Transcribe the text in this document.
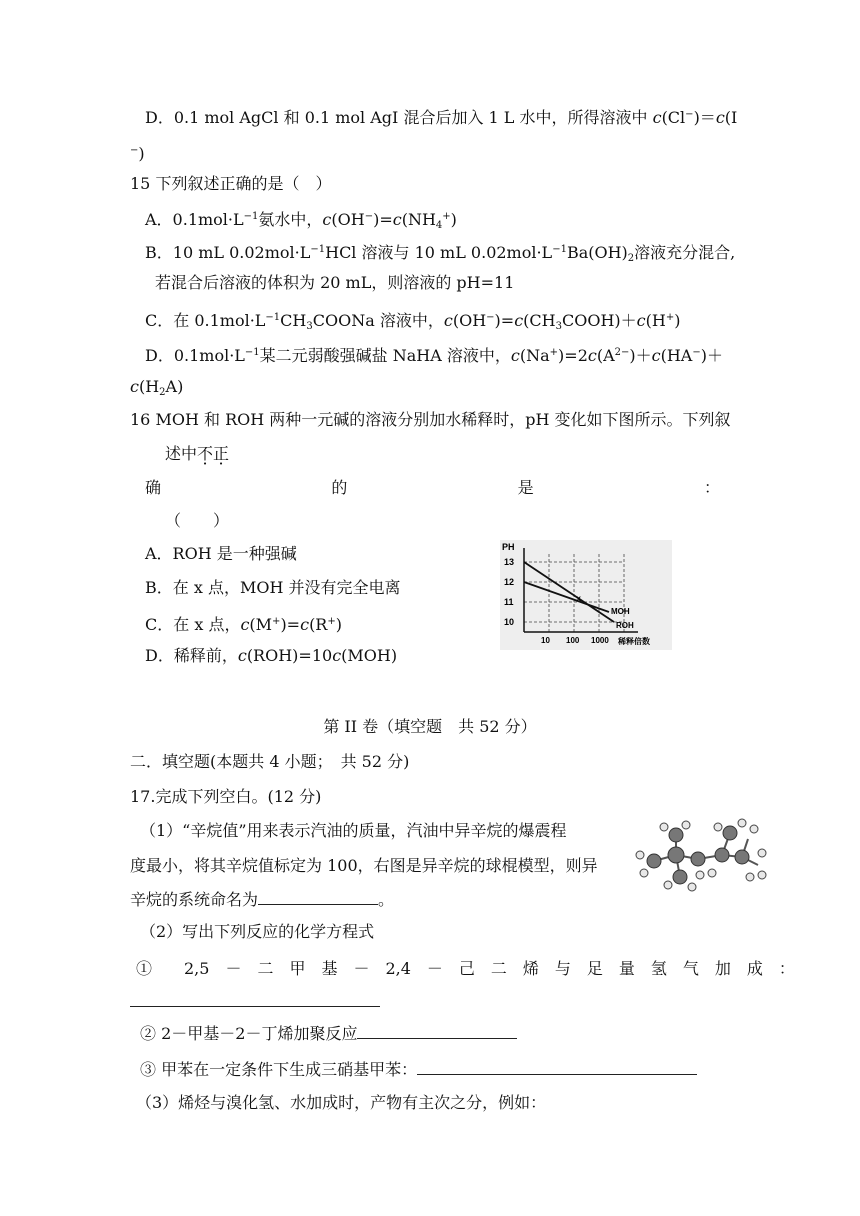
D．0.1 mol AgCl 和 0.1 mol AgI 混合后加入 1 L 水中，所得溶液中 c(Cl−)＝c(I
−)
15 下列叙述正确的是（　）
A．$0.1mol\cdot L^{-1}$氨水中，$c(OH^-)=c(NH_4^+)$
B．10 mL $0.02mol\cdot L^{-1}HCl$ 溶液与 10 mL $0.02mol\cdot L^{-1}Ba(OH)_2$溶液充分混合,
若混合后溶液的体积为 20 mL，则溶液的 pH=11
C．在 $0.1mol\cdot L^{-1}CH_3COONa$ 溶液中，$c(OH^-)=c(CH_3COOH)+c(H^+)$
D．$0.1mol\cdot L^{-1}$某二元弱酸强碱盐 NaHA 溶液中，$c(Na^+)=2c(A^{2-})+c(HA^-)+$
$c(H_2A)$
16 MOH 和 ROH 两种一元碱的溶液分别加水稀释时，pH 变化如下图所示。下列叙
述中不正
确	的	是	：
（　　）
A．ROH 是一种强碱
B．在 x 点，MOH 并没有完全电离
C．在 x 点，c(M+)=c(R+)
D．稀释前，c(ROH)=10c(MOH)
PH
13
12
11
10
10 100 1000 稀释倍数
MOH
ROH
x
第 II 卷（填空题　共 52 分）
二．填空题(本题共 4 小题；　共 52 分)
17.完成下列空白。(12 分)
（1）“辛烷值”用来表示汽油的质量，汽油中异辛烷的爆震程
度最小，将其辛烷值标定为 100，右图是异辛烷的球棍模型，则异
辛烷的系统命名为	。
（2）写出下列反应的化学方程式
①　　2,5　－　二　甲　基　－　2,4　－　己　二　烯　与　足　量　氢　气　加　成　：
② 2－甲基－2－丁烯加聚反应
③ 甲苯在一定条件下生成三硝基甲苯：
（3）烯烃与溴化氢、水加成时，产物有主次之分，例如：
